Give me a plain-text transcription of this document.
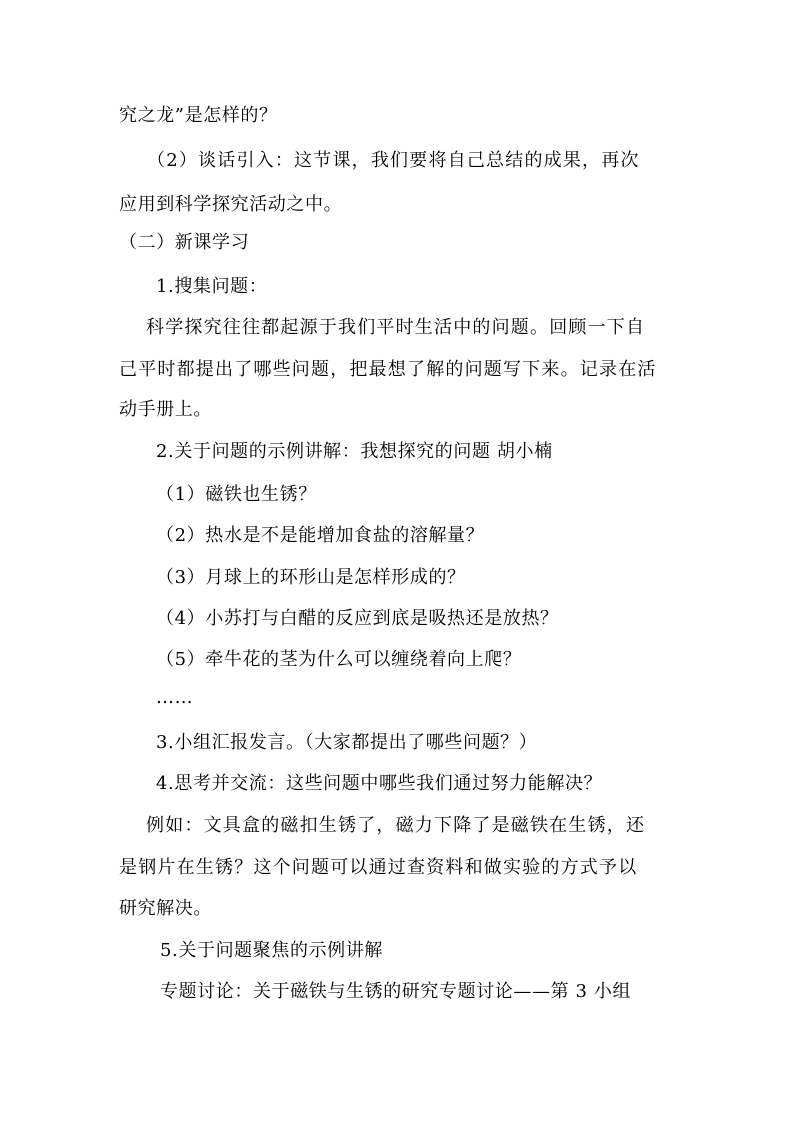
究之龙”是怎样的？
（2）谈话引入：这节课，我们要将自己总结的成果，再次
应用到科学探究活动之中。
（二）新课学习
1.搜集问题：
科学探究往往都起源于我们平时生活中的问题。回顾一下自
己平时都提出了哪些问题，把最想了解的问题写下来。记录在活
动手册上。
2.关于问题的示例讲解：我想探究的问题 胡小楠
（1）磁铁也生锈？
（2）热水是不是能增加食盐的溶解量？
（3）月球上的环形山是怎样形成的？
（4）小苏打与白醋的反应到底是吸热还是放热？
（5）牵牛花的茎为什么可以缠绕着向上爬？
……
3.小组汇报发言。（大家都提出了哪些问题？）
4.思考并交流：这些问题中哪些我们通过努力能解决？
例如：文具盒的磁扣生锈了，磁力下降了是磁铁在生锈，还
是钢片在生锈？这个问题可以通过查资料和做实验的方式予以
研究解决。
5.关于问题聚焦的示例讲解
专题讨论：关于磁铁与生锈的研究专题讨论——第 3 小组
